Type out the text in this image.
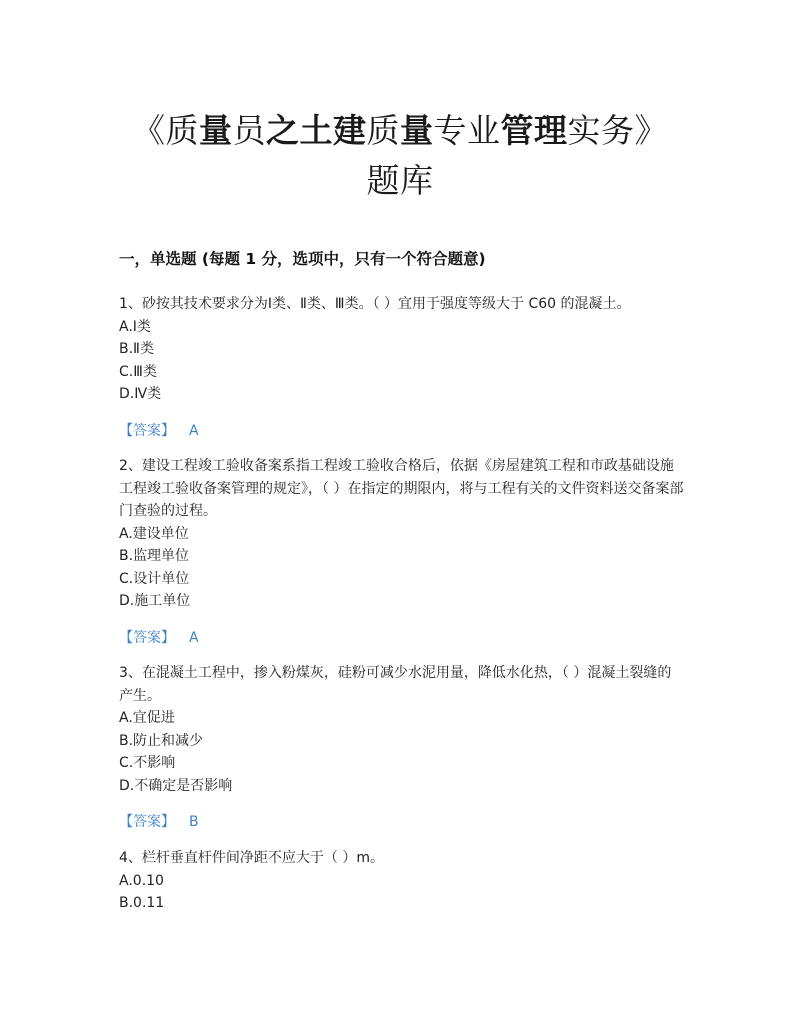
《质量员之土建质量专业管理实务》
题库
一，单选题 (每题 1 分，选项中，只有一个符合题意)
1、砂按其技术要求分为Ⅰ类、Ⅱ类、Ⅲ类。（ ）宜用于强度等级大于 C60 的混凝土。
A.Ⅰ类
B.Ⅱ类
C.Ⅲ类
D.Ⅳ类
【答案】 A
2、建设工程竣工验收备案系指工程竣工验收合格后，依据《房屋建筑工程和市政基础设施工程竣工验收备案管理的规定》，（ ）在指定的期限内，将与工程有关的文件资料送交备案部门查验的过程。
A.建设单位
B.监理单位
C.设计单位
D.施工单位
【答案】 A
3、在混凝土工程中，掺入粉煤灰，硅粉可减少水泥用量，降低水化热，（ ）混凝土裂缝的产生。
A.宜促进
B.防止和减少
C.不影响
D.不确定是否影响
【答案】 B
4、栏杆垂直杆件间净距不应大于（ ）m。
A.0.10
B.0.11
